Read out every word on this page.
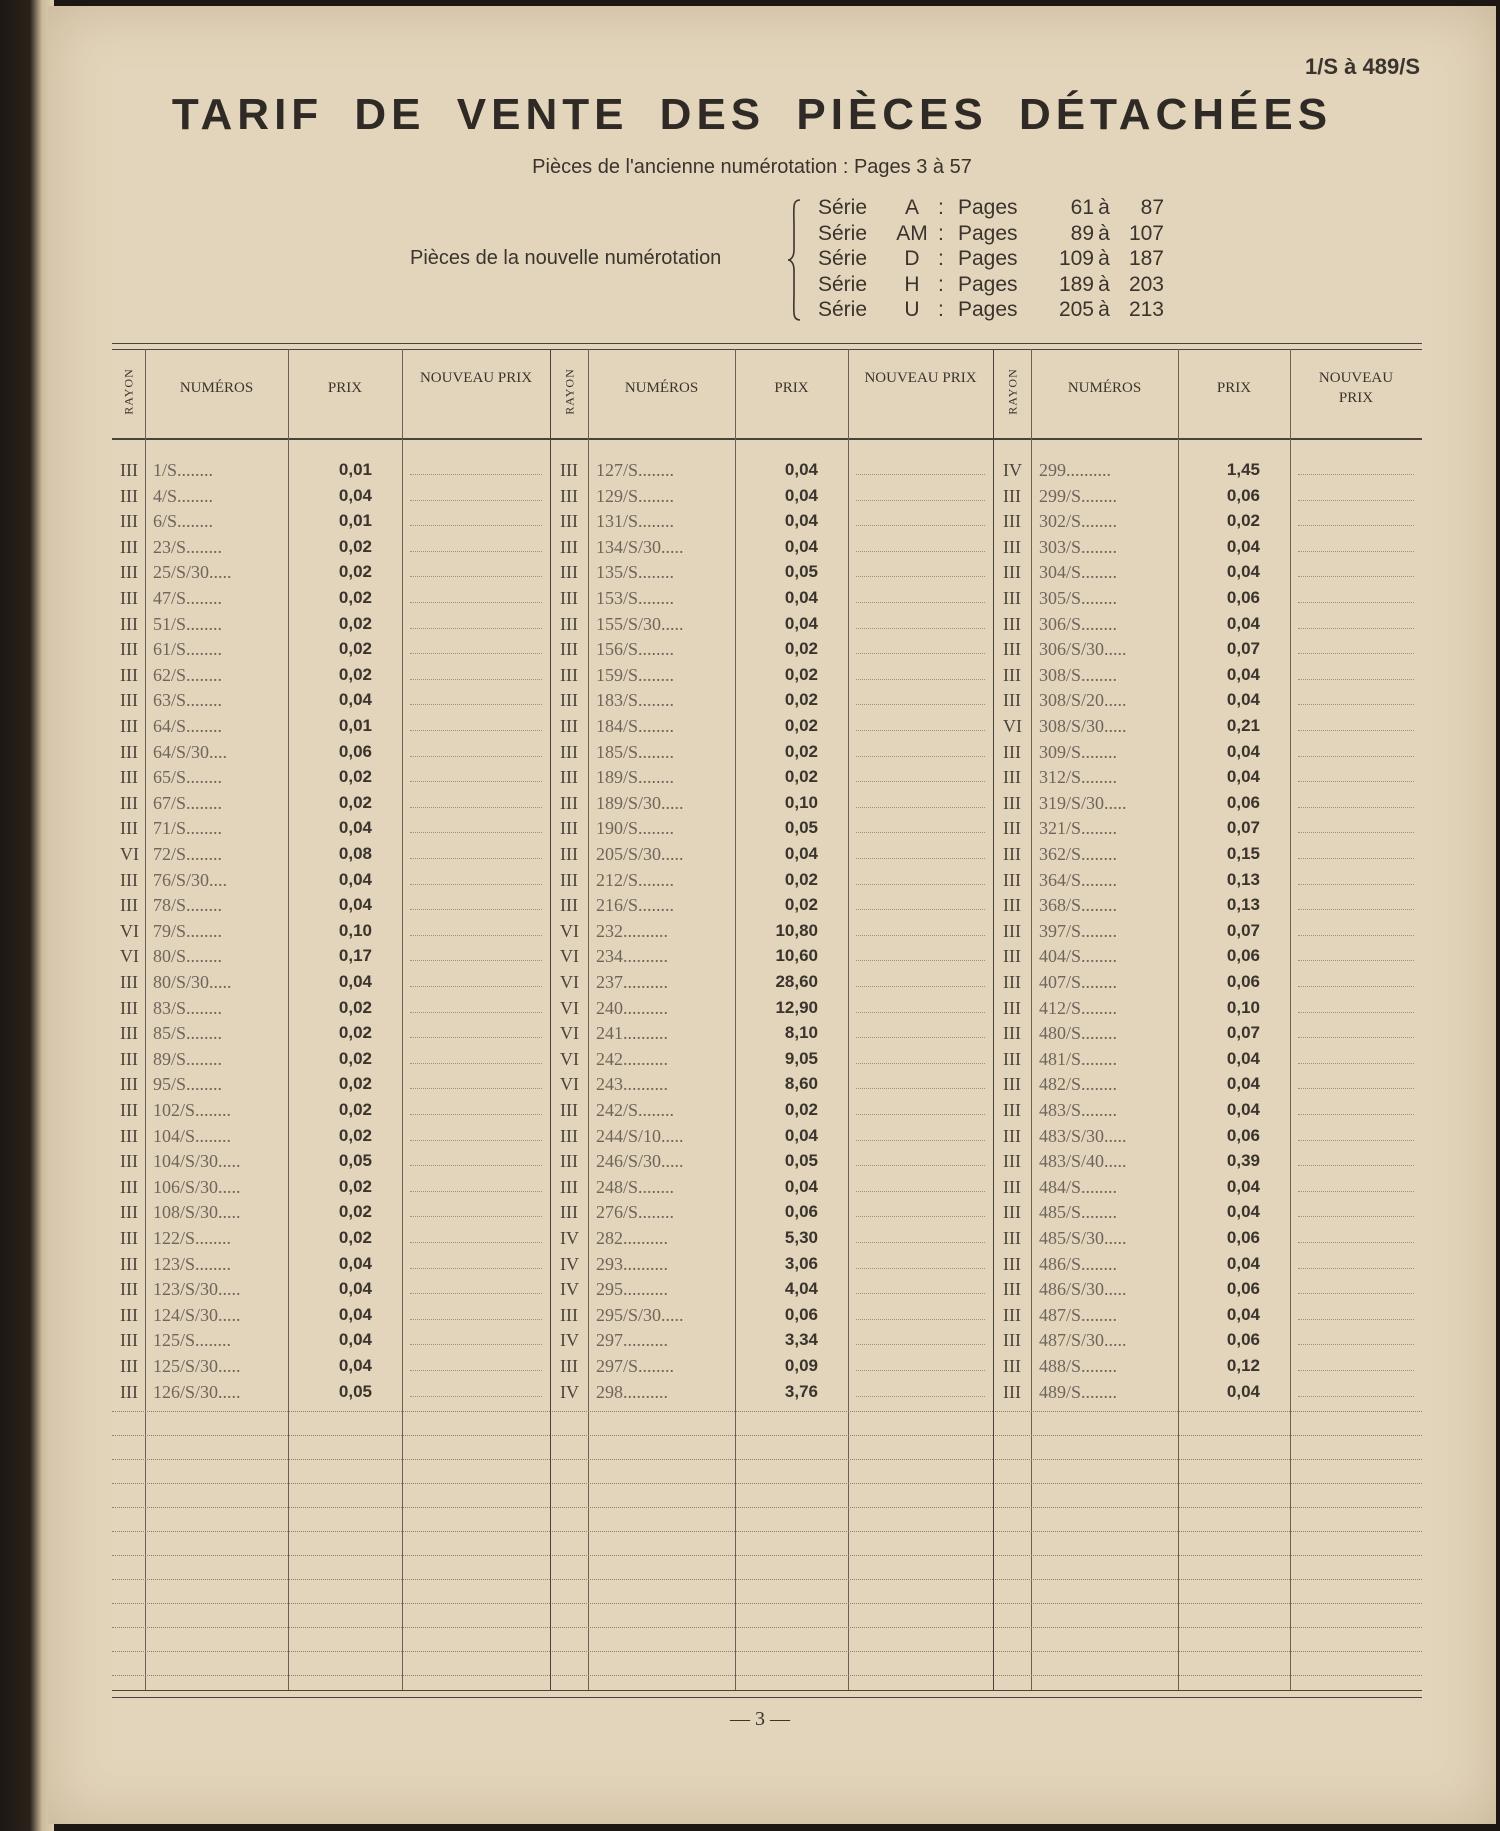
1/S à 489/S
TARIF DE VENTE DES PIÈCES DÉTACHÉES
Pièces de l'ancienne numérotation : Pages 3 à 57
Pièces de la nouvelle numérotation
Série A : Pages	61 à 87
Série AM : Pages	89 à 107
Série D : Pages 109 à 187
Série H : Pages 189 à 203
Série U : Pages 205 à 213
RAYON	NUMÉROS	PRIX
NOUVEAU PRIX	RAYON	NUMÉROS	PRIX
NOUVEAU PRIX	RAYON	NUMÉROS	PRIX
NOUVEAU PRIX
III 1/S........	0,01
III 4/S........	0,04
III 6/S........	0,01
III 23/S........	0,02
III 25/S/30.....	0,02
III 47/S........	0,02
III 51/S........	0,02
III 61/S........	0,02
III 62/S........	0,02
III 63/S........	0,04
III 64/S........	0,01
III 64/S/30....	0,06
III 65/S........	0,02
III 67/S........	0,02
III 71/S........	0,04
VI 72/S........	0,08
III 76/S/30....	0,04
III 78/S........	0,04
VI 79/S........	0,10
VI 80/S........	0,17
III 80/S/30.....	0,04
III 83/S........	0,02
III 85/S........	0,02
III 89/S........	0,02
III 95/S........	0,02
III 102/S........	0,02
III 104/S........	0,02
III 104/S/30.....	0,05
III 106/S/30.....	0,02
III 108/S/30.....	0,02
III 122/S........	0,02
III 123/S........	0,04
III 123/S/30.....	0,04
III 124/S/30.....	0,04
III 125/S........	0,04
III 125/S/30.....	0,04
III 126/S/30.....	0,05
III 127/S........	0,04
III 129/S........	0,04
III 131/S........	0,04
III 134/S/30.....	0,04
III 135/S........	0,05
III 153/S........	0,04
III 155/S/30.....	0,04
III 156/S........	0,02
III 159/S........	0,02
III 183/S........	0,02
III 184/S........	0,02
III 185/S........	0,02
III 189/S........	0,02
III 189/S/30.....	0,10
III 190/S........	0,05
III 205/S/30.....	0,04
III 212/S........	0,02
III 216/S........	0,02
VI 232..........	10,80
VI 234..........	10,60
VI 237..........	28,60
VI 240..........	12,90
VI 241..........	8,10
VI 242..........	9,05
VI 243..........	8,60
III 242/S........	0,02
III 244/S/10.....	0,04
III 246/S/30.....	0,05
III 248/S........	0,04
III 276/S........	0,06
IV 282..........	5,30
IV 293..........	3,06
IV 295..........	4,04
III 295/S/30.....	0,06
IV 297..........	3,34
III 297/S........	0,09
IV 298..........	3,76
IV 299..........	1,45
III 299/S........	0,06
III 302/S........	0,02
III 303/S........	0,04
III 304/S........	0,04
III 305/S........	0,06
III 306/S........	0,04
III 306/S/30.....	0,07
III 308/S........	0,04
III 308/S/20.....	0,04
VI 308/S/30.....	0,21
III 309/S........	0,04
III 312/S........	0,04
III 319/S/30.....	0,06
III 321/S........	0,07
III 362/S........	0,15
III 364/S........	0,13
III 368/S........	0,13
III 397/S........	0,07
III 404/S........	0,06
III 407/S........	0,06
III 412/S........	0,10
III 480/S........	0,07
III 481/S........	0,04
III 482/S........	0,04
III 483/S........	0,04
III 483/S/30.....	0,06
III 483/S/40.....	0,39
III 484/S........	0,04
III 485/S........	0,04
III 485/S/30.....	0,06
III 486/S........	0,04
III 486/S/30.....	0,06
III 487/S........	0,04
III 487/S/30.....	0,06
III 488/S........	0,12
III 489/S........	0,04
— 3 —
